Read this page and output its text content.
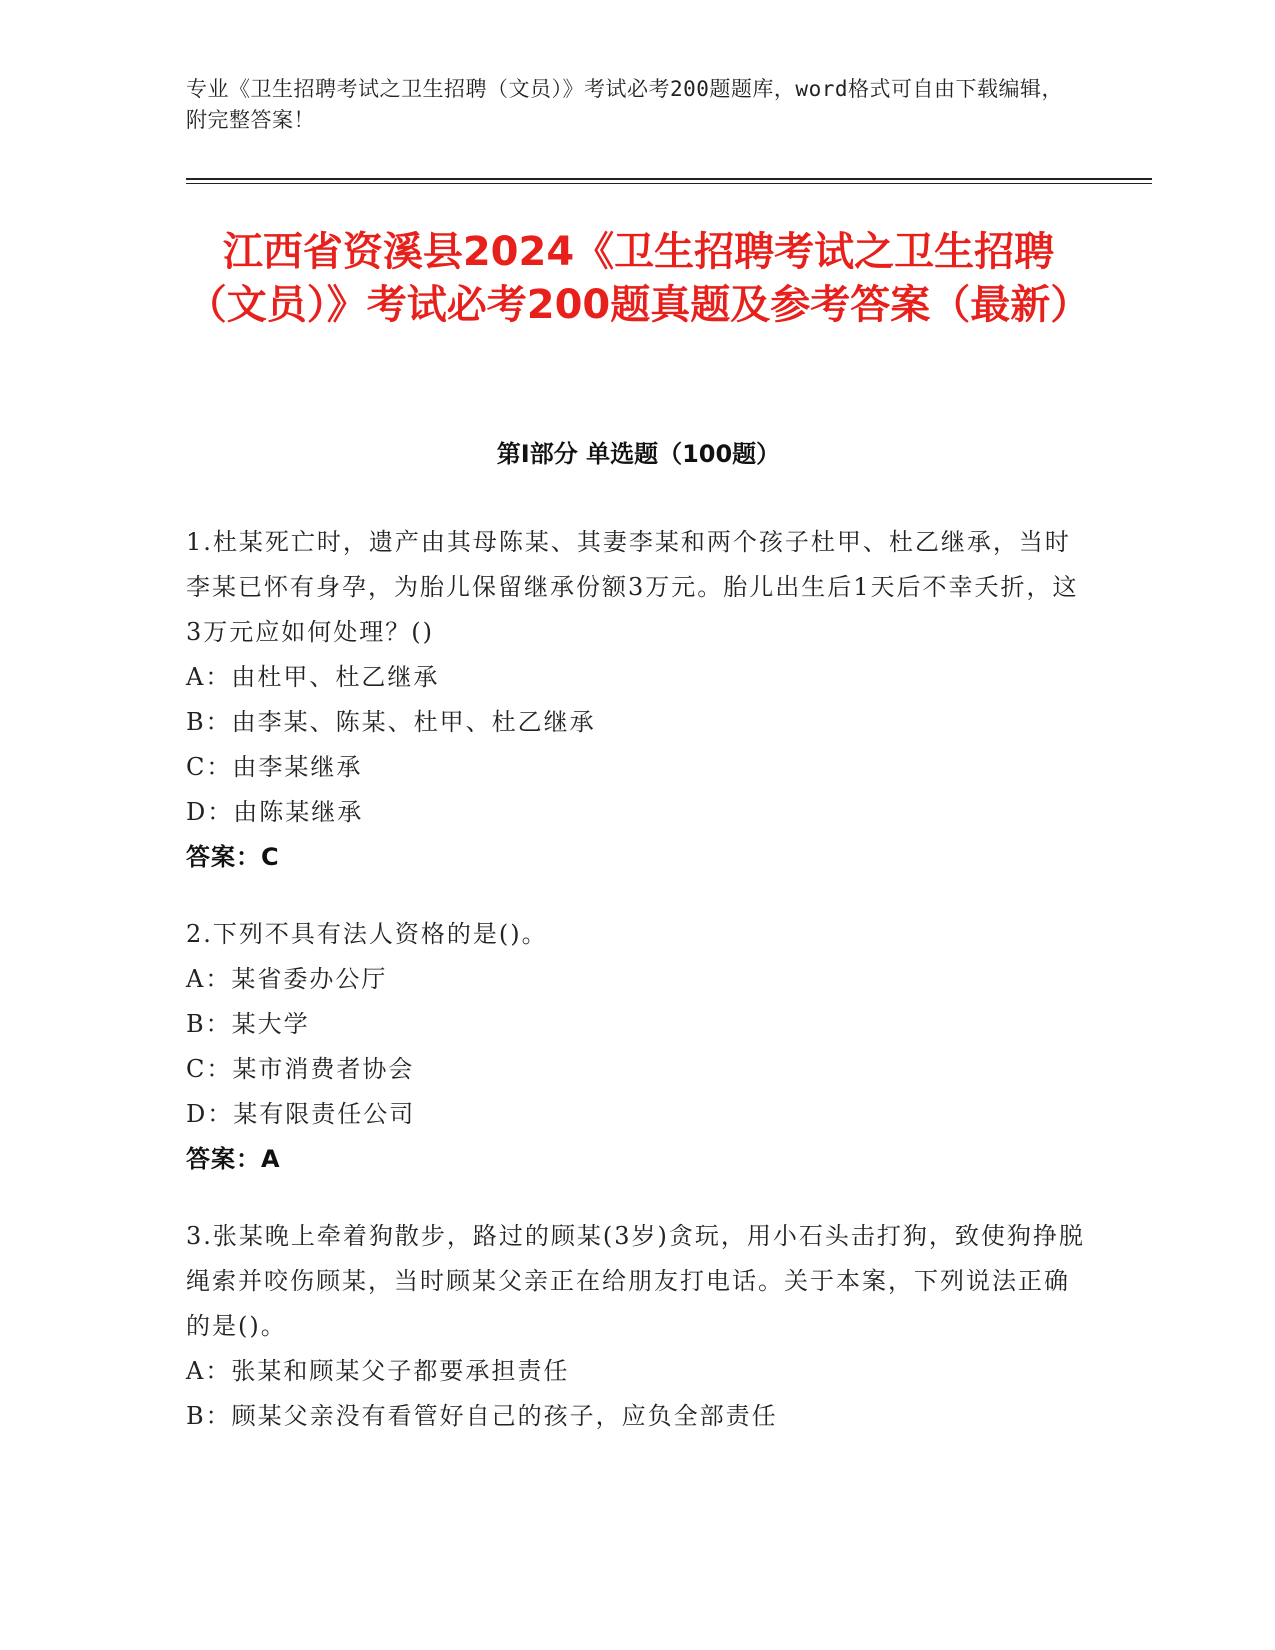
专业《卫生招聘考试之卫生招聘（文员）》考试必考200题题库，word格式可自由下载编辑，附完整答案！
江西省资溪县2024《卫生招聘考试之卫生招聘（文员）》考试必考200题真题及参考答案（最新）
第I部分 单选题（100题）

1.杜某死亡时，遗产由其母陈某、其妻李某和两个孩子杜甲、杜乙继承，当时李某已怀有身孕，为胎儿保留继承份额3万元。胎儿出生后1天后不幸夭折，这3万元应如何处理？()

A：由杜甲、杜乙继承

B：由李某、陈某、杜甲、杜乙继承

C：由李某继承

D：由陈某继承

答案：C

2.下列不具有法人资格的是()。

A：某省委办公厅

B：某大学

C：某市消费者协会

D：某有限责任公司

答案：A

3.张某晚上牵着狗散步，路过的顾某(3岁)贪玩，用小石头击打狗，致使狗挣脱绳索并咬伤顾某，当时顾某父亲正在给朋友打电话。关于本案，下列说法正确的是()。

A：张某和顾某父子都要承担责任

B：顾某父亲没有看管好自己的孩子，应负全部责任
